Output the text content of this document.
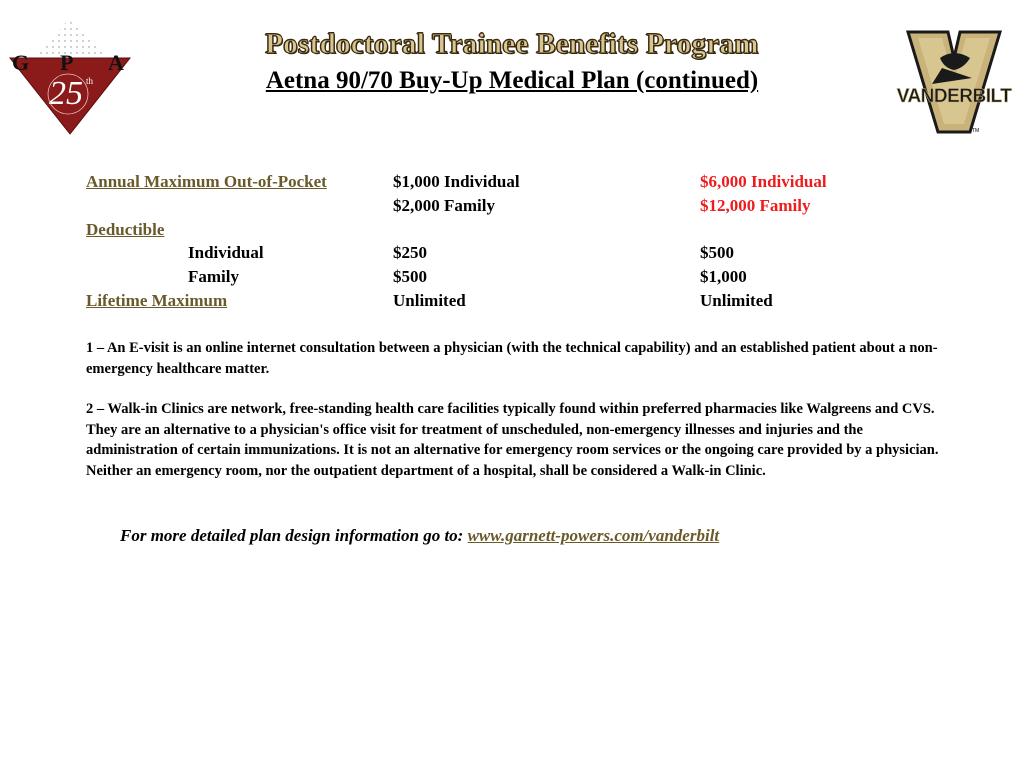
25 th
G P A
Postdoctoral Trainee Benefits Program
Aetna 90/70 Buy-Up Medical Plan (continued)
VANDERBILT
TM
Annual Maximum Out-of-Pocket	$1,000 Individual	$6,000 Individual
$2,000 Family	$12,000 Family
Deductible
Individual	$250	$500
Family	$500	$1,000
Lifetime Maximum	Unlimited	Unlimited
1 – An E-visit is an online internet consultation between a physician (with the technical capability) and an established patient about a non-emergency healthcare matter.
2 – Walk-in Clinics are network, free-standing health care facilities typically found within preferred pharmacies like Walgreens and CVS. They are an alternative to a physician's office visit for treatment of unscheduled, non-emergency illnesses and injuries and the administration of certain immunizations. It is not an alternative for emergency room services or the ongoing care provided by a physician. Neither an emergency room, nor the outpatient department of a hospital, shall be considered a Walk-in Clinic.
For more detailed plan design information go to: www.garnett-powers.com/vanderbilt
